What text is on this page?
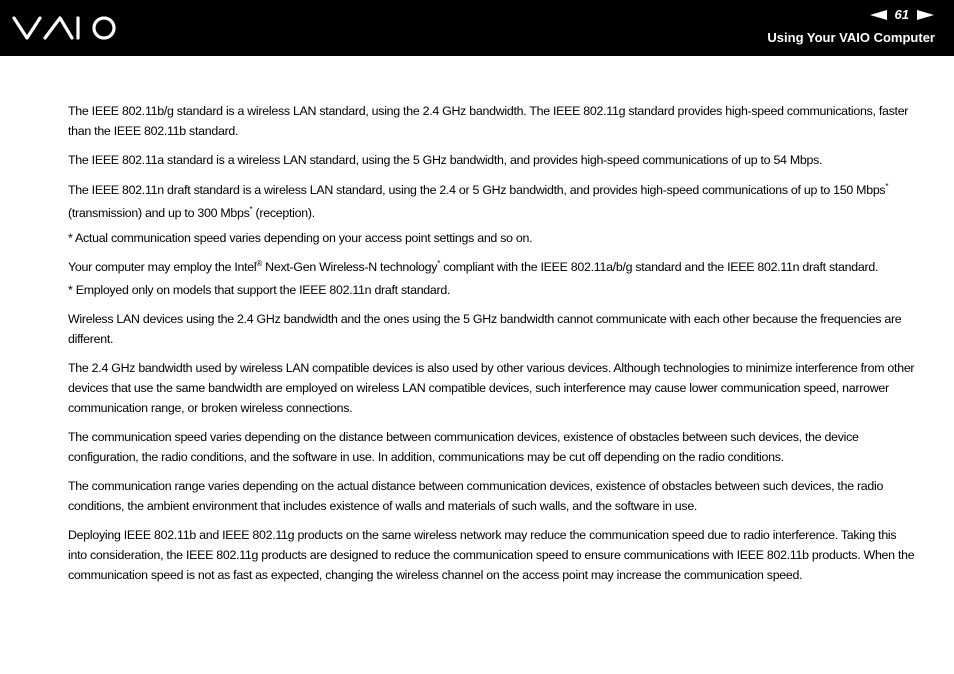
61
Using Your VAIO Computer

The IEEE 802.11b/g standard is a wireless LAN standard, using the 2.4 GHz bandwidth. The IEEE 802.11g standard provides high-speed communications, faster than the IEEE 802.11b standard.

The IEEE 802.11a standard is a wireless LAN standard, using the 5 GHz bandwidth, and provides high-speed communications of up to 54 Mbps.

The IEEE 802.11n draft standard is a wireless LAN standard, using the 2.4 or 5 GHz bandwidth, and provides high-speed communications of up to 150 Mbps* (transmission) and up to 300 Mbps* (reception).

* Actual communication speed varies depending on your access point settings and so on.

Your computer may employ the Intel® Next-Gen Wireless-N technology* compliant with the IEEE 802.11a/b/g standard and the IEEE 802.11n draft standard.

* Employed only on models that support the IEEE 802.11n draft standard.

Wireless LAN devices using the 2.4 GHz bandwidth and the ones using the 5 GHz bandwidth cannot communicate with each other because the frequencies are different.

The 2.4 GHz bandwidth used by wireless LAN compatible devices is also used by other various devices. Although technologies to minimize interference from other devices that use the same bandwidth are employed on wireless LAN compatible devices, such interference may cause lower communication speed, narrower communication range, or broken wireless connections.

The communication speed varies depending on the distance between communication devices, existence of obstacles between such devices, the device configuration, the radio conditions, and the software in use. In addition, communications may be cut off depending on the radio conditions.

The communication range varies depending on the actual distance between communication devices, existence of obstacles between such devices, the radio conditions, the ambient environment that includes existence of walls and materials of such walls, and the software in use.

Deploying IEEE 802.11b and IEEE 802.11g products on the same wireless network may reduce the communication speed due to radio interference. Taking this into consideration, the IEEE 802.11g products are designed to reduce the communication speed to ensure communications with IEEE 802.11b products. When the communication speed is not as fast as expected, changing the wireless channel on the access point may increase the communication speed.
